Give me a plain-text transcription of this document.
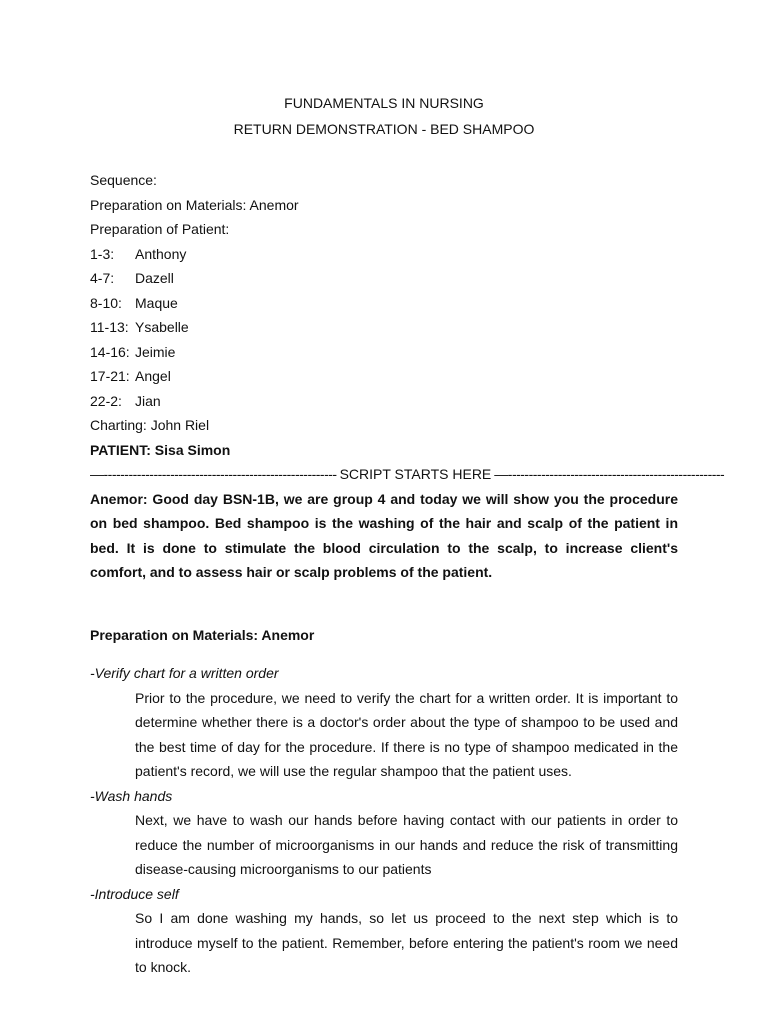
FUNDAMENTALS IN NURSING

RETURN DEMONSTRATION - BED SHAMPOO

Sequence:

Preparation on Materials: Anemor

Preparation of Patient:

1-3:	Anthony
4-7:	Dazell
8-10: Maque
11-13: Ysabelle
14-16: Jeimie
17-21: Angel
22-2: Jian

Charting: John Riel

PATIENT: Sisa Simon

—-------------------------------------------------------- SCRIPT STARTS HERE —----------------------------------------------------

Anemor: Good day BSN-1B, we are group 4 and today we will show you the procedure on bed shampoo. Bed shampoo is the washing of the hair and scalp of the patient in bed. It is done to stimulate the blood circulation to the scalp, to increase client's comfort, and to assess hair or scalp problems of the patient.

Preparation on Materials: Anemor

-Verify chart for a written order

Prior to the procedure, we need to verify the chart for a written order. It is important to determine whether there is a doctor's order about the type of shampoo to be used and the best time of day for the procedure. If there is no type of shampoo medicated in the patient's record, we will use the regular shampoo that the patient uses.

-Wash hands

Next, we have to wash our hands before having contact with our patients in order to reduce the number of microorganisms in our hands and reduce the risk of transmitting disease-causing microorganisms to our patients

-Introduce self

So I am done washing my hands, so let us proceed to the next step which is to introduce myself to the patient. Remember, before entering the patient's room we need to knock.
